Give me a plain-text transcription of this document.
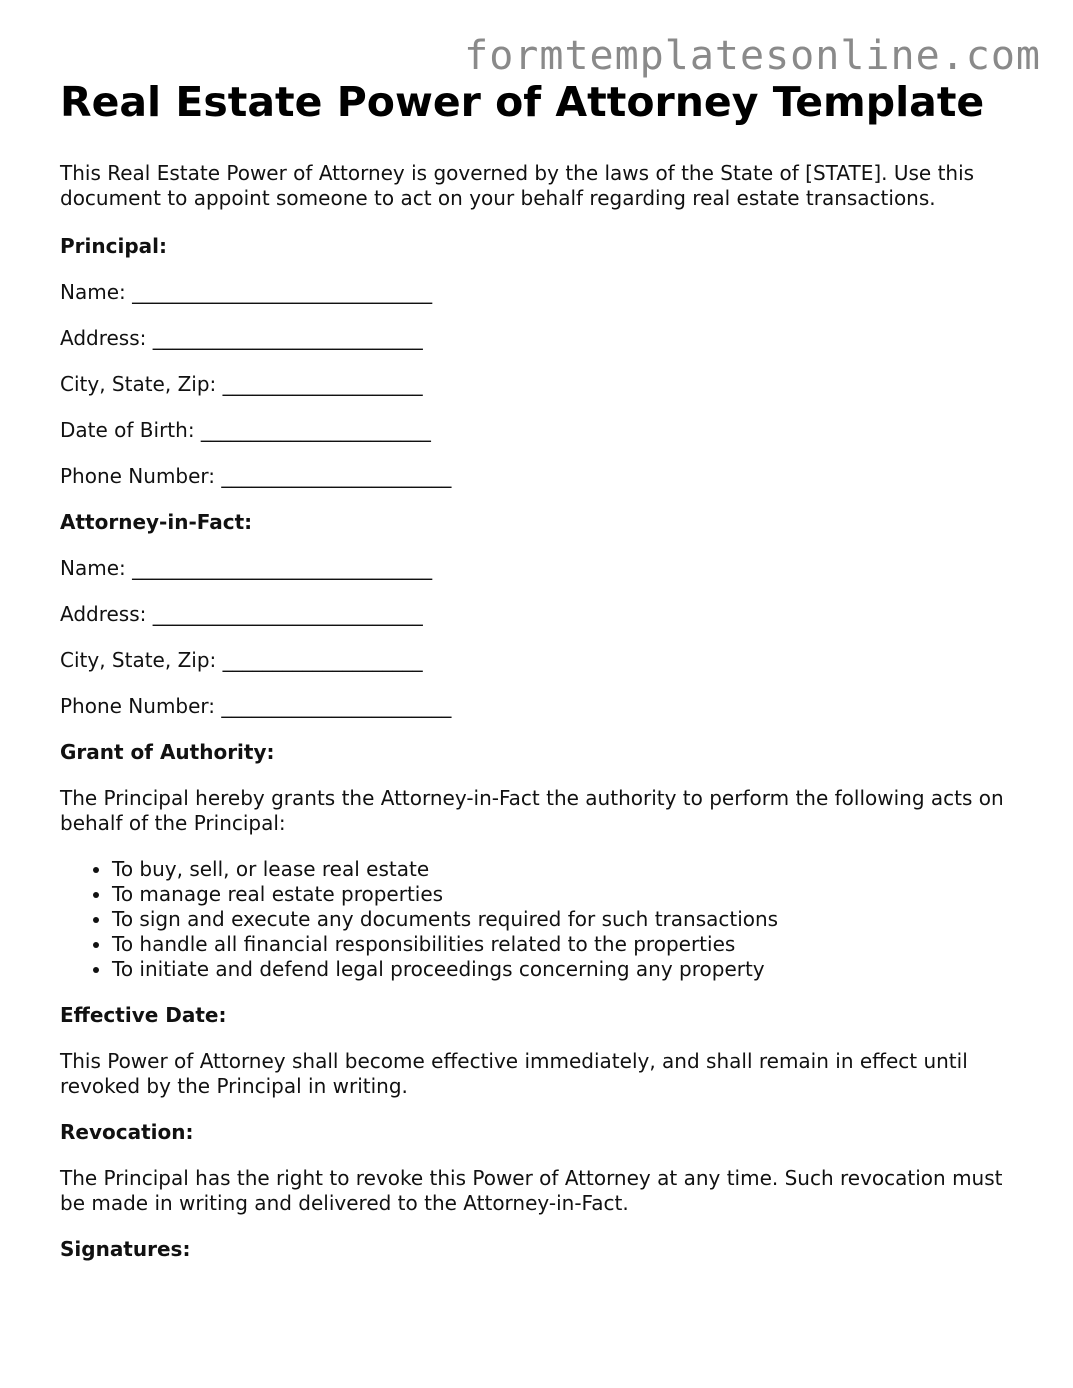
formtemplatesonline.com
Real Estate Power of Attorney Template

This Real Estate Power of Attorney is governed by the laws of the State of [STATE]. Use this document to appoint someone to act on your behalf regarding real estate transactions.

Principal:

Name: ______________________________

Address: ___________________________

City, State, Zip: ____________________

Date of Birth: _______________________

Phone Number: _______________________

Attorney-in-Fact:

Name: ______________________________

Address: ___________________________

City, State, Zip: ____________________

Phone Number: _______________________

Grant of Authority:

The Principal hereby grants the Attorney-in-Fact the authority to perform the following acts on behalf of the Principal:

• To buy, sell, or lease real estate
• To manage real estate properties
• To sign and execute any documents required for such transactions
• To handle all financial responsibilities related to the properties
• To initiate and defend legal proceedings concerning any property

Effective Date:

This Power of Attorney shall become effective immediately, and shall remain in effect until revoked by the Principal in writing.

Revocation:

The Principal has the right to revoke this Power of Attorney at any time. Such revocation must be made in writing and delivered to the Attorney-in-Fact.

Signatures:
